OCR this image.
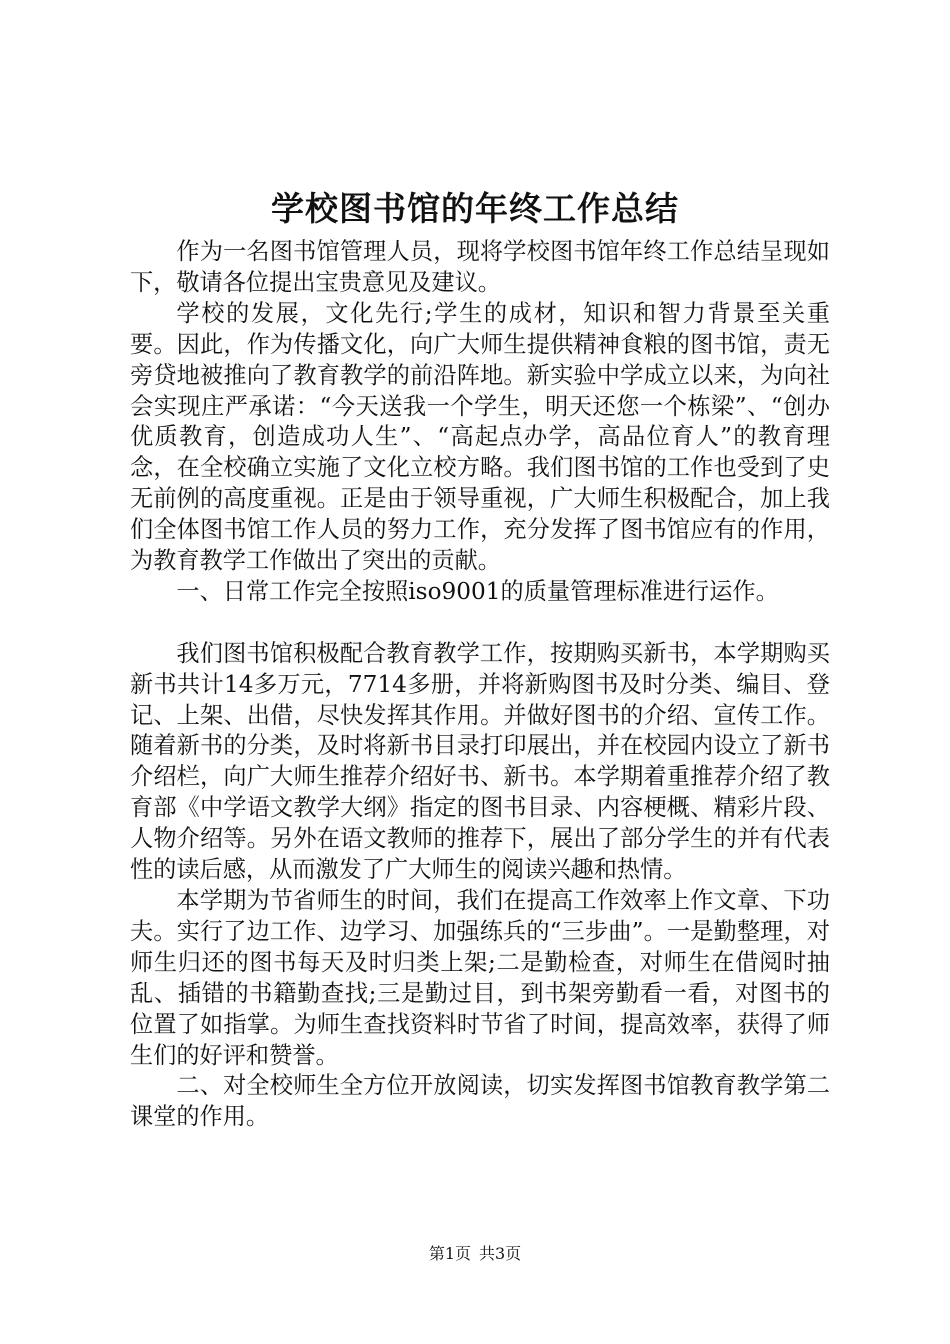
学校图书馆的年终工作总结

作为一名图书馆管理人员，现将学校图书馆年终工作总结呈现如下，敬请各位提出宝贵意见及建议。

学校的发展，文化先行;学生的成材，知识和智力背景至关重要。因此，作为传播文化，向广大师生提供精神食粮的图书馆，责无旁贷地被推向了教育教学的前沿阵地。新实验中学成立以来，为向社会实现庄严承诺：“今天送我一个学生，明天还您一个栋梁”、“创办优质教育，创造成功人生”、“高起点办学，高品位育人”的教育理念，在全校确立实施了文化立校方略。我们图书馆的工作也受到了史无前例的高度重视。正是由于领导重视，广大师生积极配合，加上我们全体图书馆工作人员的努力工作，充分发挥了图书馆应有的作用，为教育教学工作做出了突出的贡献。

一、日常工作完全按照iso9001的质量管理标准进行运作。

我们图书馆积极配合教育教学工作，按期购买新书，本学期购买新书共计14多万元，7714多册，并将新购图书及时分类、编目、登记、上架、出借，尽快发挥其作用。并做好图书的介绍、宣传工作。随着新书的分类，及时将新书目录打印展出，并在校园内设立了新书介绍栏，向广大师生推荐介绍好书、新书。本学期着重推荐介绍了教育部《中学语文教学大纲》指定的图书目录、内容梗概、精彩片段、人物介绍等。另外在语文教师的推荐下，展出了部分学生的并有代表性的读后感，从而激发了广大师生的阅读兴趣和热情。

本学期为节省师生的时间，我们在提高工作效率上作文章、下功夫。实行了边工作、边学习、加强练兵的“三步曲”。一是勤整理，对师生归还的图书每天及时归类上架;二是勤检查，对师生在借阅时抽乱、插错的书籍勤查找;三是勤过目，到书架旁勤看一看，对图书的位置了如指掌。为师生查找资料时节省了时间，提高效率，获得了师生们的好评和赞誉。

二、对全校师生全方位开放阅读，切实发挥图书馆教育教学第二课堂的作用。

第1页 共3页
